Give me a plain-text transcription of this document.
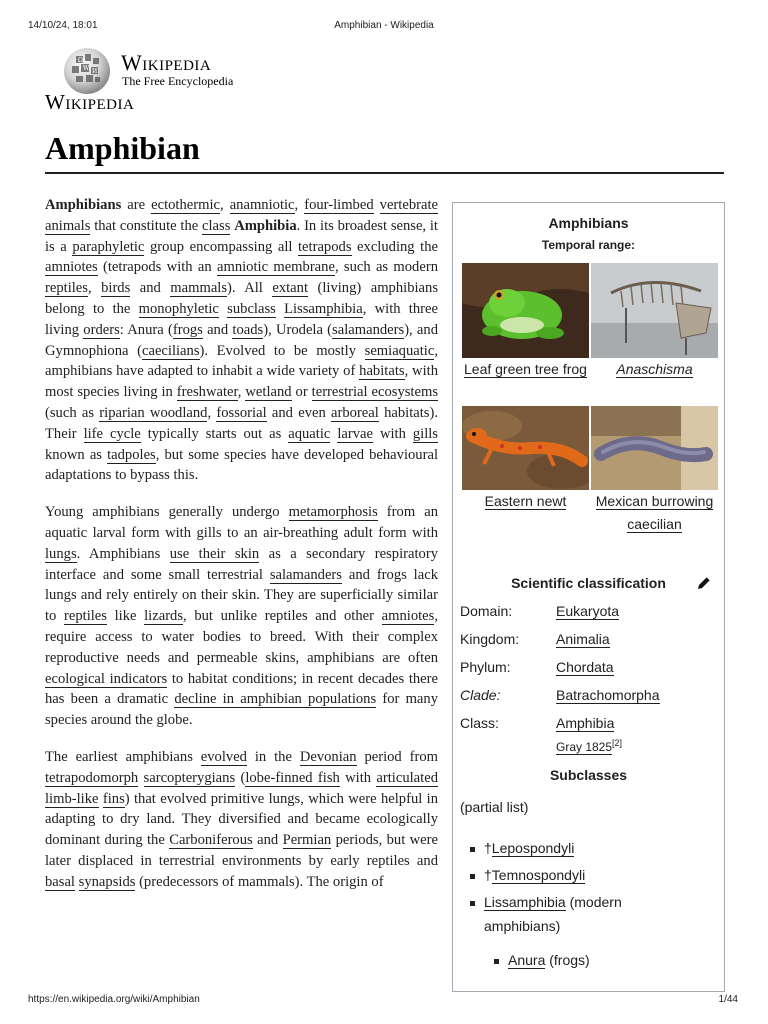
14/10/24, 18:01	Amphibian - Wikipedia
Ω
W И Wikipedia
The Free Encyclopedia
Wikipedia
Amphibian

Amphibians are ectothermic, anamniotic, four-limbed vertebrate animals that constitute the class Amphibia. In its broadest sense, it is a paraphyletic group encompassing all tetrapods excluding the amniotes (tetrapods with an amniotic membrane, such as modern reptiles, birds and mammals). All extant (living) amphibians belong to the monophyletic subclass Lissamphibia, with three living orders: Anura (frogs and toads), Urodela (salamanders), and Gymnophiona (caecilians). Evolved to be mostly semiaquatic, amphibians have adapted to inhabit a wide variety of habitats, with most species living in freshwater, wetland or terrestrial ecosystems (such as riparian woodland, fossorial and even arboreal habitats). Their life cycle typically starts out as aquatic larvae with gills known as tadpoles, but some species have developed behavioural adaptations to bypass this.

Young amphibians generally undergo metamorphosis from an aquatic larval form with gills to an air-breathing adult form with lungs. Amphibians use their skin as a secondary respiratory interface and some small terrestrial salamanders and frogs lack lungs and rely entirely on their skin. They are superficially similar to reptiles like lizards, but unlike reptiles and other amniotes, require access to water bodies to breed. With their complex reproductive needs and permeable skins, amphibians are often ecological indicators to habitat conditions; in recent decades there has been a dramatic decline in amphibian populations for many species around the globe.

The earliest amphibians evolved in the Devonian period from tetrapodomorph sarcopterygians (lobe-finned fish with articulated limb-like fins) that evolved primitive lungs, which were helpful in adapting to dry land. They diversified and became ecologically dominant during the Carboniferous and Permian periods, but were later displaced in terrestrial environments by early reptiles and basal synapsids (predecessors of mammals). The origin of

Amphibians
Temporal range:
Leaf green tree frog	Anaschisma
Eastern newt	Mexican burrowing caecilian
Scientific classification
Domain:	Eukaryota
Kingdom:	Animalia
Phylum:	Chordata
Clade:	Batrachomorpha
Class:	Amphibia
Gray 1825[2]
Subclasses
(partial list)
†Lepospondyli
†Temnospondyli
Lissamphibia (modern amphibians)
Anura (frogs)
https://en.wikipedia.org/wiki/Amphibian	1/44
